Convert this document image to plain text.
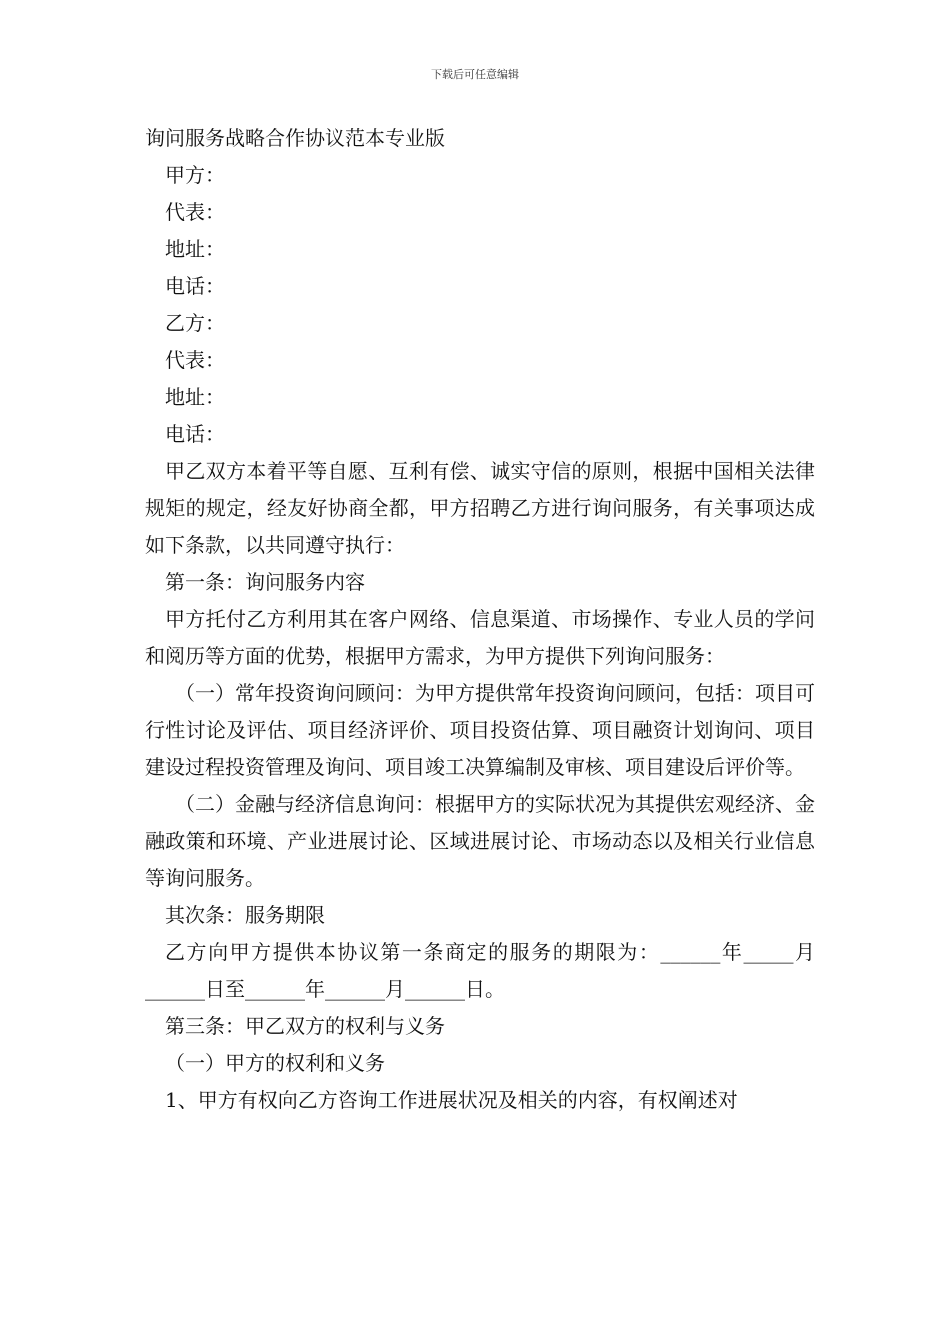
下载后可任意编辑

询问服务战略合作协议范本专业版

甲方：

代表：

地址：

电话：

乙方：

代表：

地址：

电话：

甲乙双方本着平等自愿、互利有偿、诚实守信的原则，根据中国相关法律规矩的规定，经友好协商全都，甲方招聘乙方进行询问服务，有关事项达成如下条款，以共同遵守执行：

第一条：询问服务内容

甲方托付乙方利用其在客户网络、信息渠道、市场操作、专业人员的学问和阅历等方面的优势，根据甲方需求，为甲方提供下列询问服务：

（一）常年投资询问顾问：为甲方提供常年投资询问顾问，包括：项目可行性讨论及评估、项目经济评价、项目投资估算、项目融资计划询问、项目建设过程投资管理及询问、项目竣工决算编制及审核、项目建设后评价等。

（二）金融与经济信息询问：根据甲方的实际状况为其提供宏观经济、金融政策和环境、产业进展讨论、区域进展讨论、市场动态以及相关行业信息等询问服务。

其次条：服务期限

乙方向甲方提供本协议第一条商定的服务的期限为：______年_____月______日至______年______月______日。

第三条：甲乙双方的权利与义务

（一）甲方的权利和义务

1、甲方有权向乙方咨询工作进展状况及相关的内容，有权阐述对
